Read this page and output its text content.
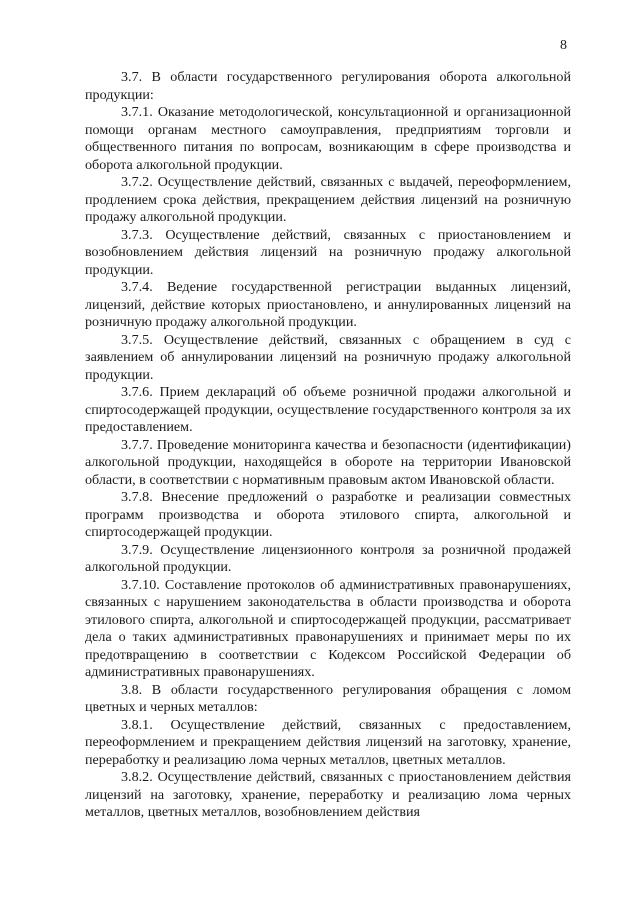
8

3.7. В области государственного регулирования оборота алкогольной продукции:

3.7.1. Оказание методологической, консультационной и организационной помощи органам местного самоуправления, предприятиям торговли и общественного питания по вопросам, возникающим в сфере производства и оборота алкогольной продукции.

3.7.2. Осуществление действий, связанных с выдачей, переоформлением, продлением срока действия, прекращением действия лицензий на розничную продажу алкогольной продукции.

3.7.3. Осуществление действий, связанных с приостановлением и возобновлением действия лицензий на розничную продажу алкогольной продукции.

3.7.4. Ведение государственной регистрации выданных лицензий, лицензий, действие которых приостановлено, и аннулированных лицензий на розничную продажу алкогольной продукции.

3.7.5. Осуществление действий, связанных с обращением в суд с заявлением об аннулировании лицензий на розничную продажу алкогольной продукции.

3.7.6. Прием деклараций об объеме розничной продажи алкогольной и спиртосодержащей продукции, осуществление государственного контроля за их предоставлением.

3.7.7. Проведение мониторинга качества и безопасности (идентификации) алкогольной продукции, находящейся в обороте на территории Ивановской области, в соответствии с нормативным правовым актом Ивановской области.

3.7.8. Внесение предложений о разработке и реализации совместных программ производства и оборота этилового спирта, алкогольной и спиртосодержащей продукции.

3.7.9. Осуществление лицензионного контроля за розничной продажей алкогольной продукции.

3.7.10. Составление протоколов об административных правонарушениях, связанных с нарушением законодательства в области производства и оборота этилового спирта, алкогольной и спиртосодержащей продукции, рассматривает дела о таких административных правонарушениях и принимает меры по их предотвращению в соответствии с Кодексом Российской Федерации об административных правонарушениях.

3.8. В области государственного регулирования обращения с ломом цветных и черных металлов:

3.8.1. Осуществление действий, связанных с предоставлением, переоформлением и прекращением действия лицензий на заготовку, хранение, переработку и реализацию лома черных металлов, цветных металлов.

3.8.2. Осуществление действий, связанных с приостановлением действия лицензий на заготовку, хранение, переработку и реализацию лома черных металлов, цветных металлов, возобновлением действия
